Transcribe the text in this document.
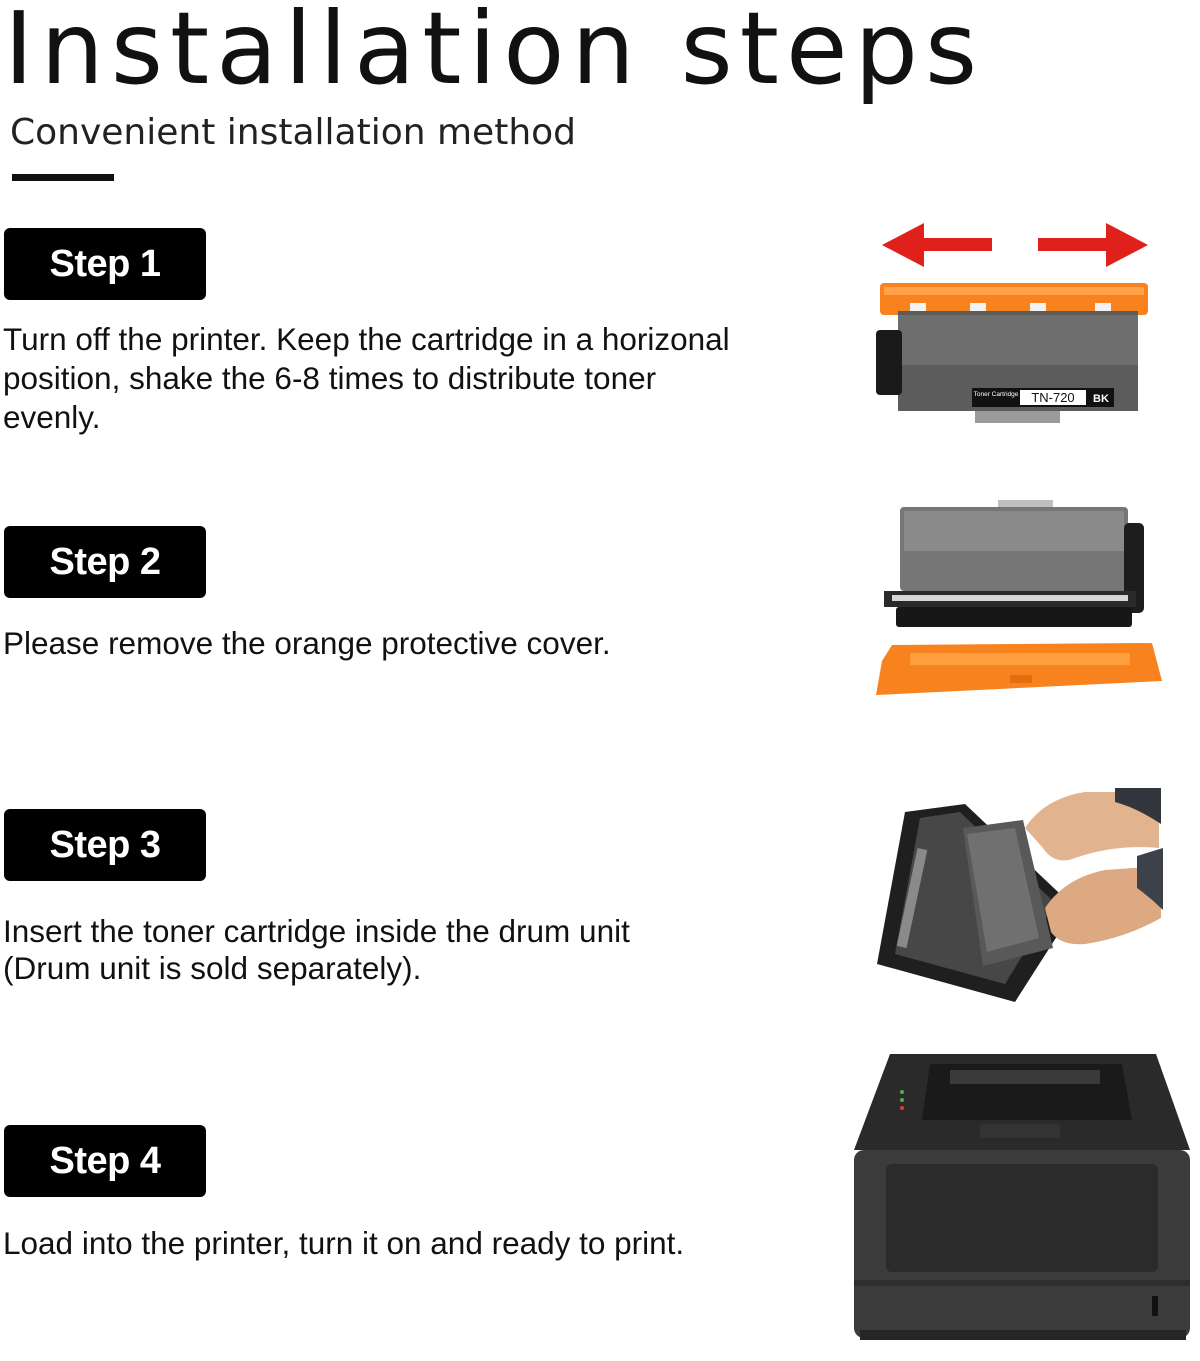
Installation steps
Convenient installation method
Step 1

Turn off the printer. Keep the cartridge in a horizonal position, shake the 6-8 times to distribute toner evenly.

Step 2

Please remove the orange protective cover.

Step 3

Insert the toner cartridge inside the drum unit (Drum unit is sold separately).

Step 4

Load into the printer, turn it on and ready to print.

Toner Cartridge TN-720 BK
